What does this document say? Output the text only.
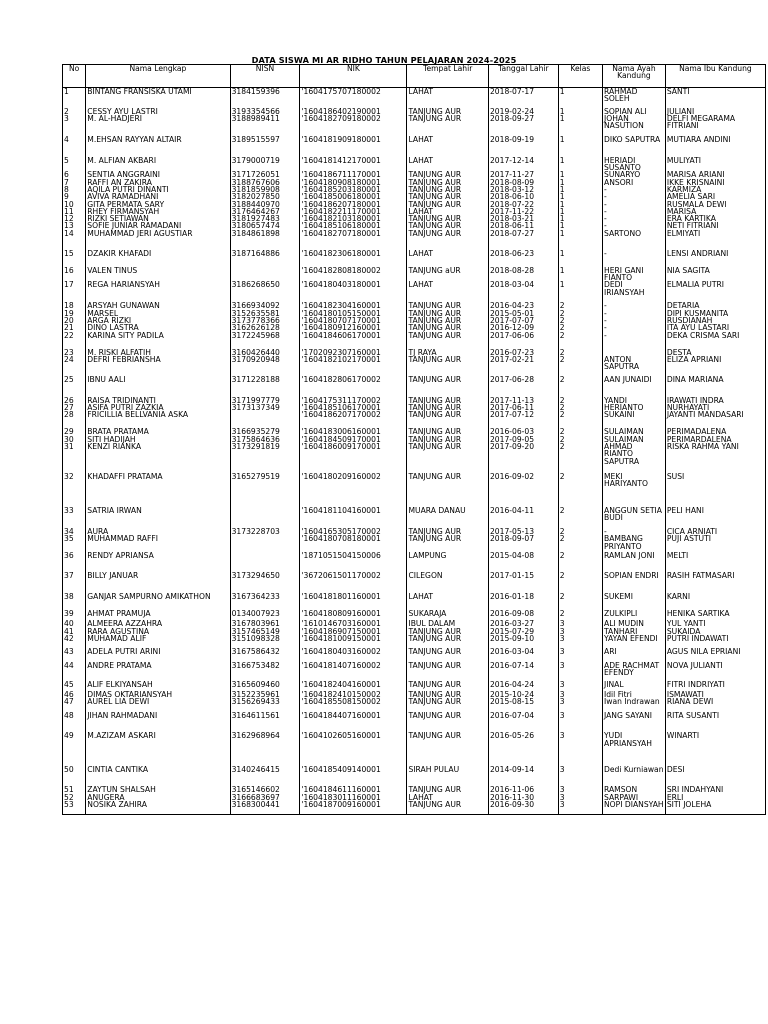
DATA SISWA MI AR RIDHO TAHUN PELAJARAN 2024-2025
No	Nama Lengkap	NISN	NIK	Tempat Lahir	Tanggal Lahir	Kelas	Nama Ayah Kandung	Nama Ibu Kandung
1	BINTANG FRANSISKA UTAMI	3184159396	'1604175707180002	LAHAT	2018-07-17	1	RAHMAD SOLEH	SANTI
2	CESSY AYU LASTRI	3193354566	'1604186402190001	TANJUNG AUR	2019-02-24	1	SOPIAN ALI	JULIANI
3	M. AL-HADJERI	3188989411	'1604182709180002	TANJUNG AUR	2018-09-27	1	JOHAN NASUTION	DELFI MEGARAMA FITRIANI
4	M.EHSAN RAYYAN ALTAIR	3189515597	'1604181909180001	LAHAT	2018-09-19	1	DIKO SAPUTRA	MUTIARA ANDINI
5	M. ALFIAN AKBARI	3179000719	'1604181412170001	LAHAT	2017-12-14	1	HERIADI SUSANTO	MULIYATI
6	SENTIA ANGGRAINI	3171726051	'1604186711170001	TANJUNG AUR	2017-11-27	1	SUNARYO	MARISA ARIANI
7	RAFFI AN ZAKIRA	3188767606	'1604180908180001	TANJUNG AUR	2018-08-09	1	ANSORI	IKKE KRISNAINI
8	AQILA PUTRI DINANTI	3181859908	'1604185203180001	TANJUNG AUR	2018-03-12	1	-	KARMIZA
9	AVIVA RAMADHANI	3182027850	'1604185006180001	TANJUNG AUR	2018-06-10	1	-	AMELIA SARI
10	GITA PERMATA SARY	3188440970	'1604186207180001	TANJUNG AUR	2018-07-22	1	-	RUSMALA DEWI
11	RHEY FIRMANSYAH	3176464267	'1604182211170001	LAHAT	2017-11-22	1	-	MARISA
12	RIZKI SETIAWAN	3181927483	'1604182103180001	TANJUNG AUR	2018-03-21	1	-	ERA KARTIKA
13	SOFIE JUNIAR RAMADANI	3180657474	'1604185106180001	TANJUNG AUR	2018-06-11	1	-	NETI FITRIANI
14	MUHAMMAD JERI AGUSTIAR	3184861898	'1604182707180001	TANJUNG AUR	2018-07-27	1	SARTONO	ELMIYATI
15	DZAKIR KHAFADI	3187164886	'1604182306180001	LAHAT	2018-06-23	1	-	LENSI ANDRIANI
16	VALEN TINUS		'1604182808180002	TANJUNG aUR	2018-08-28	1	HERI GANI FIANTO	NIA SAGITA
17	REGA HARIANSYAH	3186268650	'1604180403180001	LAHAT	2018-03-04	1	DEDI IRIANSYAH	ELMALIA PUTRI
18	ARSYAH GUNAWAN	3166934092	'1604182304160001	TANJUNG AUR	2016-04-23	2	-	DETARIA
19	MARSEL	3152635581	'1604180105150001	TANJUNG AUR	2015-05-01	2	-	DIPI KUSMANITA
20	ARGA RIZKI	3173778366	'1604180707170001	TANJUNG AUR	2017-07-07	2	-	RUSDIANAH
21	DINO LASTRA	3162626128	'1604180912160001	TANJUNG AUR	2016-12-09	2	-	ITA AYU LASTARI
22	KARINA SITY PADILA	3172245968	'1604184606170001	TANJUNG AUR	2017-06-06	2	-	DEKA CRISMA SARI
23	M. RISKI ALFATIH	3160426440	'1702092307160001	TJ RAYA	2016-07-23	2		DESTA
24	DEFRI FEBRIANSHA	3170920948	'1604182102170001	TANJUNG AUR	2017-02-21	2	ANTON SAPUTRA	ELIZA APRIANI
25	IBNU AALI	3171228188	'1604182806170002	TANJUNG AUR	2017-06-28	2	AAN JUNAIDI	DINA MARIANA
26	RAISA TRIDINANTI	3171997779	'1604175311170002	TANJUNG AUR	2017-11-13	2	YANDI	IRAWATI INDRA
27	ASIFA PUTRI ZAZKIA	3173137349	'1604185106170001	TANJUNG AUR	2017-06-11	2	HERIANTO	NURHAYATI
28	FRICILLIA BELLVANIA ASKA		'1604186207170002	TANJUNG AUR	2017-07-12	2	SUKAINI	JAYANTI MANDASARI
29	BRATA PRATAMA	3166935279	'1604183006160001	TANJUNG AUR	2016-06-03	2	SULAIMAN	PERIMADALENA
30	SITI HADIJAH	3175864636	'1604184509170001	TANJUNG AUR	2017-09-05	2	SULAIMAN	PERIMARDALENA
31	KENZI RIANKA	3173291819	'1604186009170001	TANJUNG AUR	2017-09-20	2	AHMAD RIANTO SAPUTRA	RISKA RAHMA YANI
32	KHADAFFI PRATAMA	3165279519	'1604180209160002	TANJUNG AUR	2016-09-02	2	MEKI HARIYANTO	SUSI
33	SATRIA IRWAN		'1604181104160001	MUARA DANAU	2016-04-11	2	ANGGUN SETIA BUDI	PELI HANI
34	AURA	3173228703	'1604165305170002	TANJUNG AUR	2017-05-13	2	-	CICA ARNIATI
35	MUHAMMAD RAFFI		'1604180708180001	TANJUNG AUR	2018-09-07	2	BAMBANG PRIYANTO	PUJI ASTUTI
36	RENDY APRIANSA		'1871051504150006	LAMPUNG	2015-04-08	2	RAMLAN JONI	MELTI
37	BILLY JANUAR	3173294650	'3672061501170002	CILEGON	2017-01-15	2	SOPIAN ENDRI	RASIH FATMASARI
38	GANJAR SAMPURNO AMIKATHON	3167364233	'1604181801160001	LAHAT	2016-01-18	2	SUKEMI	KARNI
39	AHMAT PRAMUJA	0134007923	'1604180809160001	SUKARAJA	2016-09-08	2	ZULKIPLI	HENIKA SARTIKA
40	ALMEERA AZZAHRA	3167803961	'1610146703160001	IBUL DALAM	2016-03-27	3	ALI MUDIN	YUL YANTI
41	RARA AGUSTINA	3157465149	'1604186907150001	TANJUNG AUR	2015-07-29	3	TANHARI	SUKAIDA
42	MUHAMAD ALIF	3151098328	'1604181009150001	TANJUNG AUR	2015-09-10	3	YAYAN EFENDI	PUTRI INDAWATI
43	ADELA PUTRI ARINI	3167586432	'1604180403160002	TANJUNG AUR	2016-03-04	3	ARI	AGUS NILA EPRIANI
44	ANDRE PRATAMA	3166753482	'1604181407160002	TANJUNG AUR	2016-07-14	3	ADE RACHMAT EFENDY	NOVA JULIANTI
45	ALIF ELKIYANSAH	3165609460	'1604182404160001	TANJUNG AUR	2016-04-24	3	JINAL	FITRI INDRIYATI
46	DIMAS OKTARIANSYAH	3152235961	'1604182410150002	TANJUNG AUR	2015-10-24	3	Idil Fitri	ISMAWATI
47	AUREL LIA DEWI	3156269433	'1604185508150002	TANJUNG AUR	2015-08-15	3	Iwan Indrawan	RIANA DEWI
48	JIHAN RAHMADANI	3164611561	'1604184407160001	TANJUNG AUR	2016-07-04	3	JANG SAYANI	RITA SUSANTI
49	M.AZIZAM ASKARI	3162968964	'1604102605160001	TANJUNG AUR	2016-05-26	3	YUDI APRIANSYAH	WINARTI
50	CINTIA CANTIKA	3140246415	'1604185409140001	SIRAH PULAU	2014-09-14	3	Dedi Kurniawan	DESI
51	ZAYTUN SHALSAH	3165146602	'1604184611160001	TANJUNG AUR	2016-11-06	3	RAMSON	SRI INDAHYANI
52	ANUGERA	3166683697	'1604183011160001	LAHAT	2016-11-30	3	SARPAWI	ERLI
53	NOSIKA ZAHIRA	3168300441	'1604187009160001	TANJUNG AUR	2016-09-30	3	NOPI DIANSYAH	SITI JOLEHA
